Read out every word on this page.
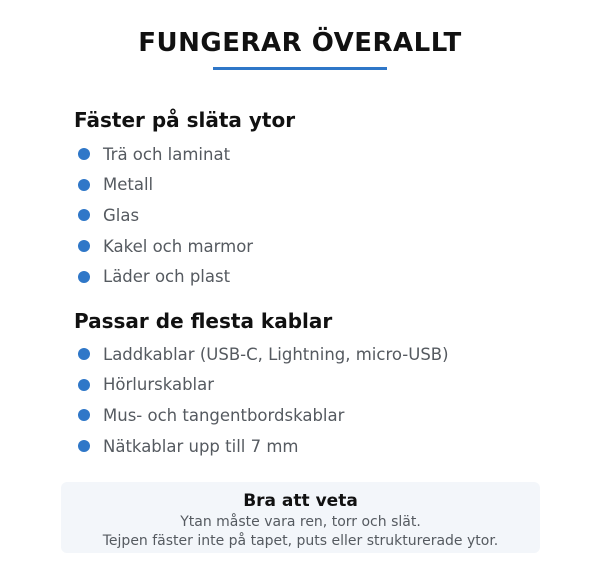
FUNGERAR ÖVERALLT
Fäster på släta ytor
Trä och laminat
Metall
Glas
Kakel och marmor
Läder och plast
Passar de flesta kablar
Laddkablar (USB-C, Lightning, micro-USB)
Hörlurskablar
Mus- och tangentbordskablar
Nätkablar upp till 7 mm
Bra att veta
Ytan måste vara ren, torr och slät.
Tejpen fäster inte på tapet, puts eller strukturerade ytor.
